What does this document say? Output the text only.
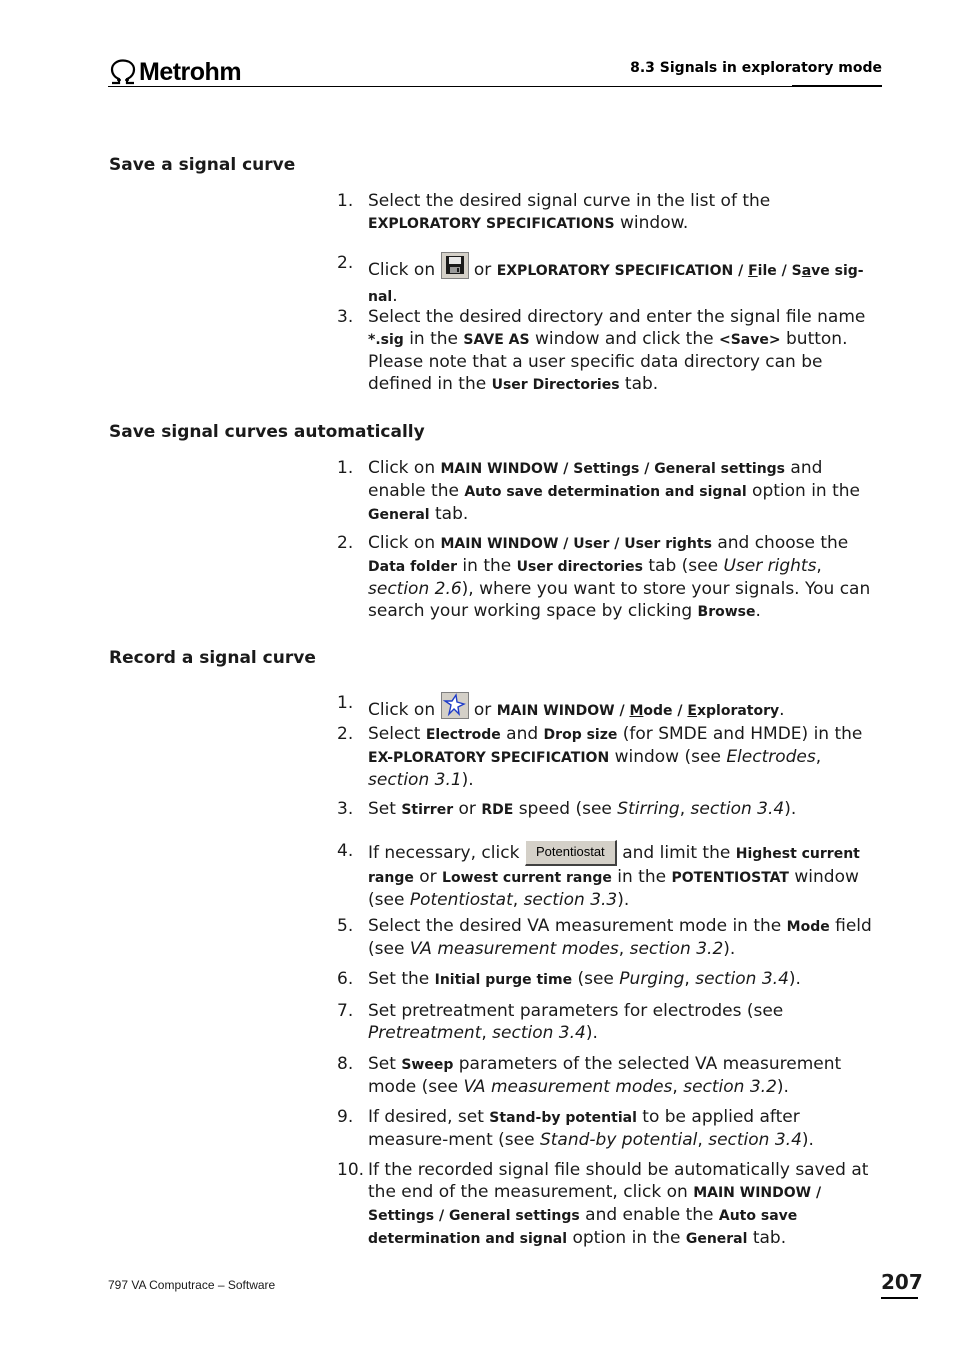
Metrohm	8.3 Signals in exploratory mode
Save a signal curve
1. Select the desired signal curve in the list of the EXPLORATORY SPECIFICATIONS window.
2. Click on  or EXPLORATORY SPECIFICATION / File / Save sig-nal.
3. Select the desired directory and enter the signal file name *.sig in the SAVE AS window and click the <Save> button. Please note that a user specific data directory can be defined in the User Directories tab.
Save signal curves automatically
1. Click on MAIN WINDOW / Settings / General settings and enable the Auto save determination and signal option in the General tab.
2. Click on MAIN WINDOW / User / User rights and choose the Data folder in the User directories tab (see User rights, section 2.6), where you want to store your signals. You can search your working space by clicking Browse.
Record a signal curve
1. Click on  or MAIN WINDOW / Mode / Exploratory.
2. Select Electrode and Drop size (for SMDE and HMDE) in the EX-PLORATORY SPECIFICATION window (see Electrodes, section 3.1).
3. Set Stirrer or RDE speed (see Stirring, section 3.4).
4. If necessary, click Potentiostat and limit the Highest current range or Lowest current range in the POTENTIOSTAT window (see Potentiostat, section 3.3).
5. Select the desired VA measurement mode in the Mode field (see VA measurement modes, section 3.2).
6. Set the Initial purge time (see Purging, section 3.4).
7. Set pretreatment parameters for electrodes (see Pretreatment, section 3.4).
8. Set Sweep parameters of the selected VA measurement mode (see VA measurement modes, section 3.2).
9. If desired, set Stand-by potential to be applied after measure-ment (see Stand-by potential, section 3.4).
10. If the recorded signal file should be automatically saved at the end of the measurement, click on MAIN WINDOW / Settings / General settings and enable the Auto save determination and signal option in the General tab.
797 VA Computrace – Software	207
